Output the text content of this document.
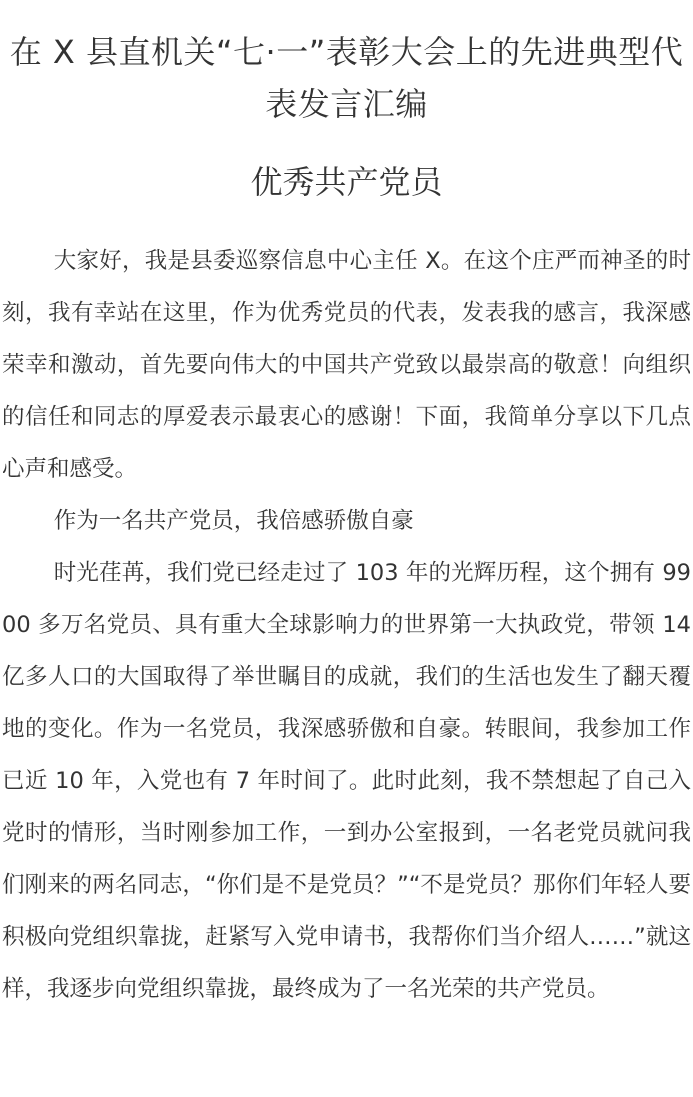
在 X 县直机关“七·一”表彰大会上的先进典型代表发言汇编
优秀共产党员

大家好，我是县委巡察信息中心主任 X。在这个庄严而神圣的时刻，我有幸站在这里，作为优秀党员的代表，发表我的感言，我深感荣幸和激动，首先要向伟大的中国共产党致以最崇高的敬意！向组织的信任和同志的厚爱表示最衷心的感谢！下面，我简单分享以下几点心声和感受。

作为一名共产党员，我倍感骄傲自豪

时光荏苒，我们党已经走过了 103 年的光辉历程，这个拥有 9900 多万名党员、具有重大全球影响力的世界第一大执政党，带领 14 亿多人口的大国取得了举世瞩目的成就，我们的生活也发生了翻天覆地的变化。作为一名党员，我深感骄傲和自豪。转眼间，我参加工作已近 10 年，入党也有 7 年时间了。此时此刻，我不禁想起了自己入党时的情形，当时刚参加工作，一到办公室报到，一名老党员就问我们刚来的两名同志，“你们是不是党员？”“不是党员？那你们年轻人要积极向党组织靠拢，赶紧写入党申请书，我帮你们当介绍人……”就这样，我逐步向党组织靠拢，最终成为了一名光荣的共产党员。
